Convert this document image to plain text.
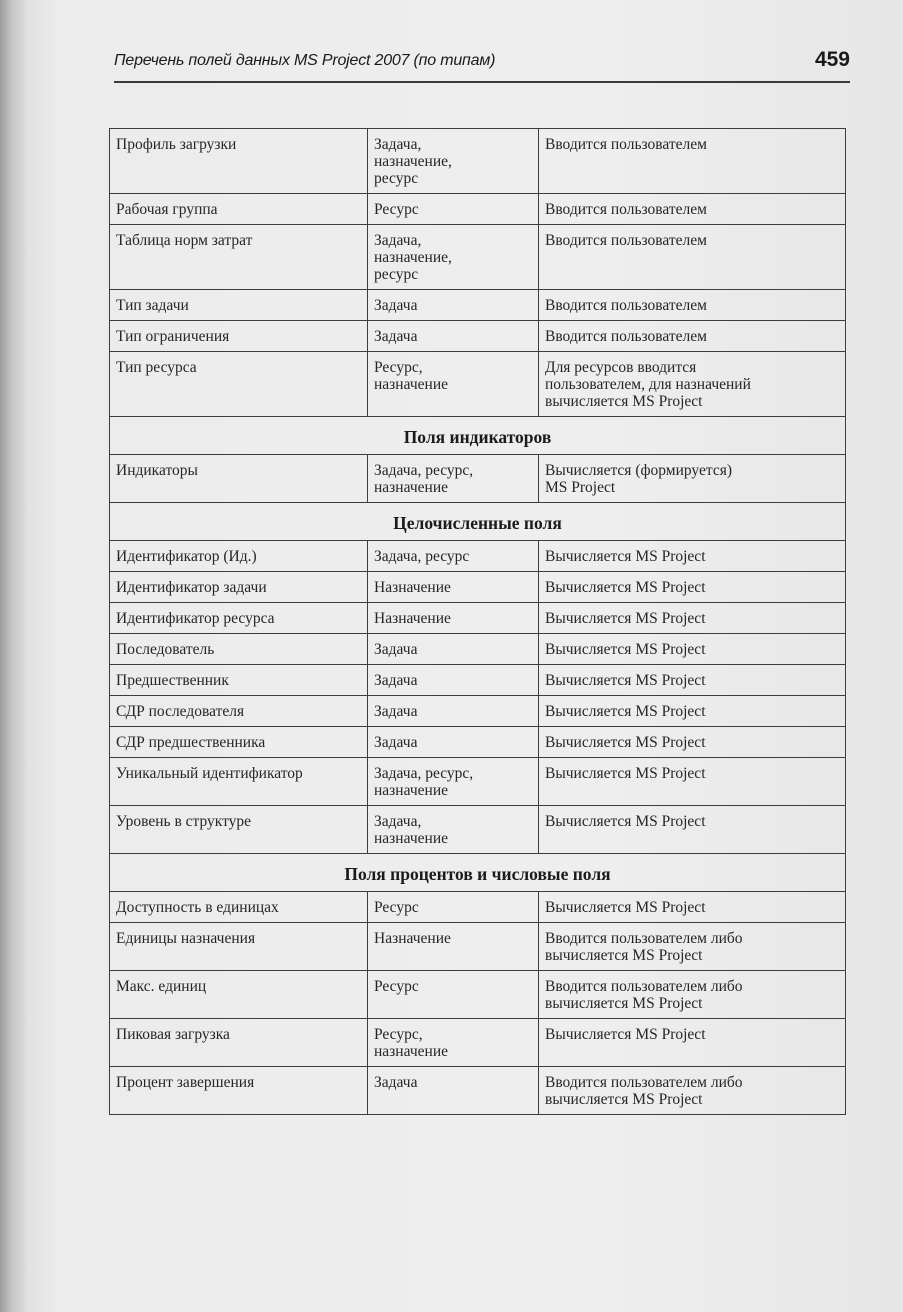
Перечень полей данных MS Project 2007 (по типам)	459
Профиль загрузки	Задача,
назначение,
ресурс	Вводится пользователем
Рабочая группа	Ресурс	Вводится пользователем
Таблица норм затрат	Задача,
назначение,
ресурс	Вводится пользователем
Тип задачи	Задача	Вводится пользователем
Тип ограничения	Задача	Вводится пользователем
Тип ресурса	Ресурс,
назначение	Для ресурсов вводится
пользователем, для назначений
вычисляется MS Project
Поля индикаторов		
Индикаторы	Задача, ресурс,
назначение	Вычисляется (формируется)
MS Project
Целочисленные поля		
Идентификатор (Ид.)	Задача, ресурс	Вычисляется MS Project
Идентификатор задачи	Назначение	Вычисляется MS Project
Идентификатор ресурса	Назначение	Вычисляется MS Project
Последователь	Задача	Вычисляется MS Project
Предшественник	Задача	Вычисляется MS Project
СДР последователя	Задача	Вычисляется MS Project
СДР предшественника	Задача	Вычисляется MS Project
Уникальный идентификатор	Задача, ресурс,
назначение	Вычисляется MS Project
Уровень в структуре	Задача,
назначение	Вычисляется MS Project
Поля процентов и числовые поля		
Доступность в единицах	Ресурс	Вычисляется MS Project
Единицы назначения	Назначение	Вводится пользователем либо
вычисляется MS Project
Макс. единиц	Ресурс	Вводится пользователем либо
вычисляется MS Project
Пиковая загрузка	Ресурс,
назначение	Вычисляется MS Project
Процент завершения	Задача	Вводится пользователем либо
вычисляется MS Project
